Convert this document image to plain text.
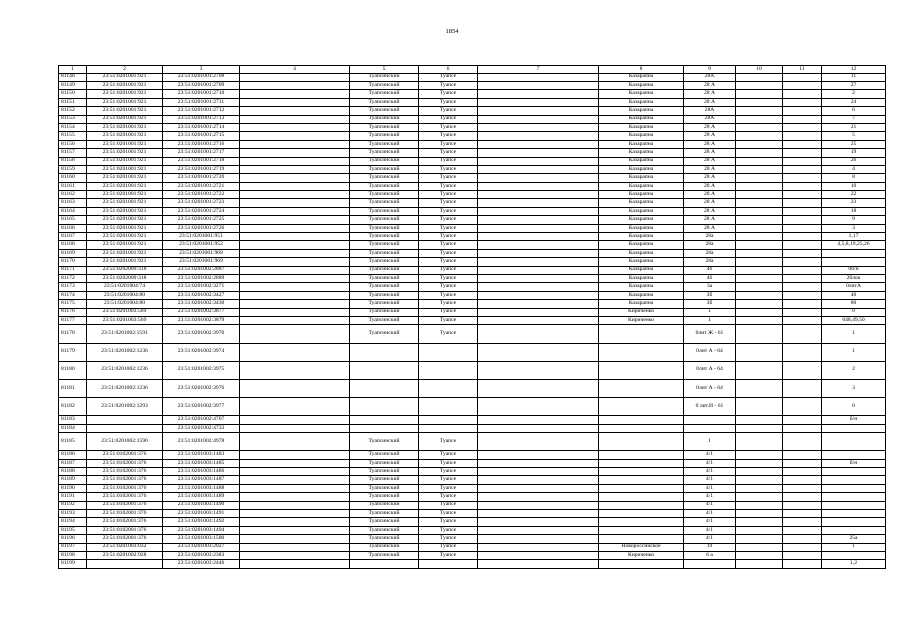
1854
1	2	3	4	5	6	7	8	9	10	11	12
81148	23:51:0201001:921	23:51:0201001:2708		Туапсинский	Туапсе		Казарапна	28А			11
81149	23:51:0201001:921	23:51:0201001:2709		Туапсинский	Туапсе		Казарапна	28 А			27
81150	23:51:0201001:921	23:51:0201001:2710		Туапсинский	Туапсе		Казарапна	28 А			2
81151	23:51:0201001:921	23:51:0201001:2711		Туапсинский	Туапсе		Казарапна	28 А			24
81152	23:51:0201001:921	23:51:0201001:2712		Туапсинский	Туапсе		Казарапна	28А			6
81153	23:51:0201001:921	23:51:0201001:2713		Туапсинский	Туапсе		Казарапна	28А			7
81154	23:51:0201001:921	23:51:0201001:2714		Туапсинский	Туапсе		Казарапна	28 А			21
81155	23:51:0201001:921	23:51:0201001:2715		Туапсинский	Туапсе		Казарапна	28 А			5
81156	23:51:0201001:921	23:51:0201001:2716		Туапсинский	Туапсе		Казарапна	28 А			25
81157	23:51:0201001:921	23:51:0201001:2717		Туапсинский	Туапсе		Казарапна	28 А			19
81158	23:51:0201001:921	23:51:0201001:2718		Туапсинский	Туапсе		Казарапна	28 А			26
81159	23:51:0201001:921	23:51:0201001:2719		Туапсинский	Туапсе		Казарапна	28 А			4
81160	23:51:0201001:921	23:51:0201001:2720		Туапсинский	Туапсе		Казарапна	28 А			8
81161	23:51:0201001:921	23:51:0201001:2721		Туапсинский	Туапсе		Казарапна	28 А			10
81162	23:51:0201001:921	23:51:0201001:2722		Туапсинский	Туапсе		Казарапна	28 А			22
81163	23:51:0201001:921	23:51:0201001:2723		Туапсинский	Туапсе		Казарапна	28 А			23
81164	23:51:0201001:921	23:51:0201001:2724		Туапсинский	Туапсе		Казарапна	28 А			18
81165	23:51:0201001:921	23:51:0201001:2725		Туапсинский	Туапсе		Казарапна	28 А			9
81166	23:51:0201001:921	23:51:0201001:2726		Туапсинский	Туапсе		Казарапна	28 А			3
81167	23:51:0201001:921	23:51:0201001:951		Туапсинский	Туапсе		Казарапна	28а			1,17
81168	23:51:0201001:921	23:51:0201001:952		Туапсинский	Туапсе		Казарапна	28а			4,5,8,19,25,26
81169	23:51:0201001:921	23:51:0201001:968		Туапсинский	Туапсе		Казарапна	28а			
81170	23:51:0201001:921	23:51:0201001:969		Туапсинский	Туапсе		Казарапна	28а			
81171	23:51:0202009:318	23:51:0201002:2887		Туапсинский	Туапсе		Казарапна	46			0б/н
81172	23:51:0202009:318	23:51:0201002:2889		Туапсинский	Туапсе		Казарапна	46			2блок
81173	23:51:0201004:74	23:51:0201002:3271		Туапсинский	Туапсе		Казарапна	3а			0литА
81174	23:51:0201004:80	23:51:0201002:3427		Туапсинский	Туапсе		Казарапна	3б			40
81175	23:51:0201004:80	23:51:0201002:3430		Туапсинский	Туапсе		Казарапна	3б			80
81176	23:51:0201003:569	23:51:0201002:3877		Туапсинский	Туапсе		Кириченко	1			0
81177	23:51:0201003:569	23:51:0201002:3879		Туапсинский	Туапсе		Кириченко	1			048,49,50
81178	23:51:0201002:1591	23:51:0201002:3970		Туапсинский	Туапсе			0лит Ж - 61			1
81179	23:51:0201002:1236	23:51:0201002:3974						0лит А - 64			1
81180	23:51:0201002:1236	23:51:0201002:3975						0лит А - 64			2
81181	23:51:0201002:1236	23:51:0201002:3976						0лит А - 64			3
81182	23:51:0201002:1293	23:51:0201002:3977						0 лит.И - 61			0
81183		23:51:0201002:4707									б/н
81184		23:51:0201002:4733									
81185	23:51:0201002:1590	23:51:0201002:4978		Туапсинский	Туапсе			1			
81186	23:51:0102001:376	23:51:0201003:1483		Туапсинский	Туапсе			4/1			
81187	23:51:0102001:376	23:51:0201003:1485		Туапсинский	Туапсе			4/1			б/н
81188	23:51:0102001:376	23:51:0201003:1486		Туапсинский	Туапсе			4/1			
81189	23:51:0102001:376	23:51:0201003:1487		Туапсинский	Туапсе			4/1			
81190	23:51:0102001:376	23:51:0201003:1488		Туапсинский	Туапсе			4/1			
81191	23:51:0102001:376	23:51:0201003:1489		Туапсинский	Туапсе			4/1			
81192	23:51:0102001:376	23:51:0201003:1490		Туапсинский	Туапсе			4/1			
81193	23:51:0102001:376	23:51:0201003:1491		Туапсинский	Туапсе			4/1			
81194	23:51:0102001:376	23:51:0201003:1492		Туапсинский	Туапсе			4/1			
81195	23:51:0102001:376	23:51:0201003:1494		Туапсинский	Туапсе			4/1			
81196	23:51:0102001:376	23:51:0201003:1500		Туапсинский	Туапсе			4/1			25а
81197	23:51:0201003:032	23:51:0201003:2027		Туапсинский	Туапсе		Новороссийское	19			1
81198	23:51:0201002:928	23:51:0201003:2383		Туапсинский	Туапсе		Кириченко	6 а			
81199		23:51:0201003:2446									1,2
